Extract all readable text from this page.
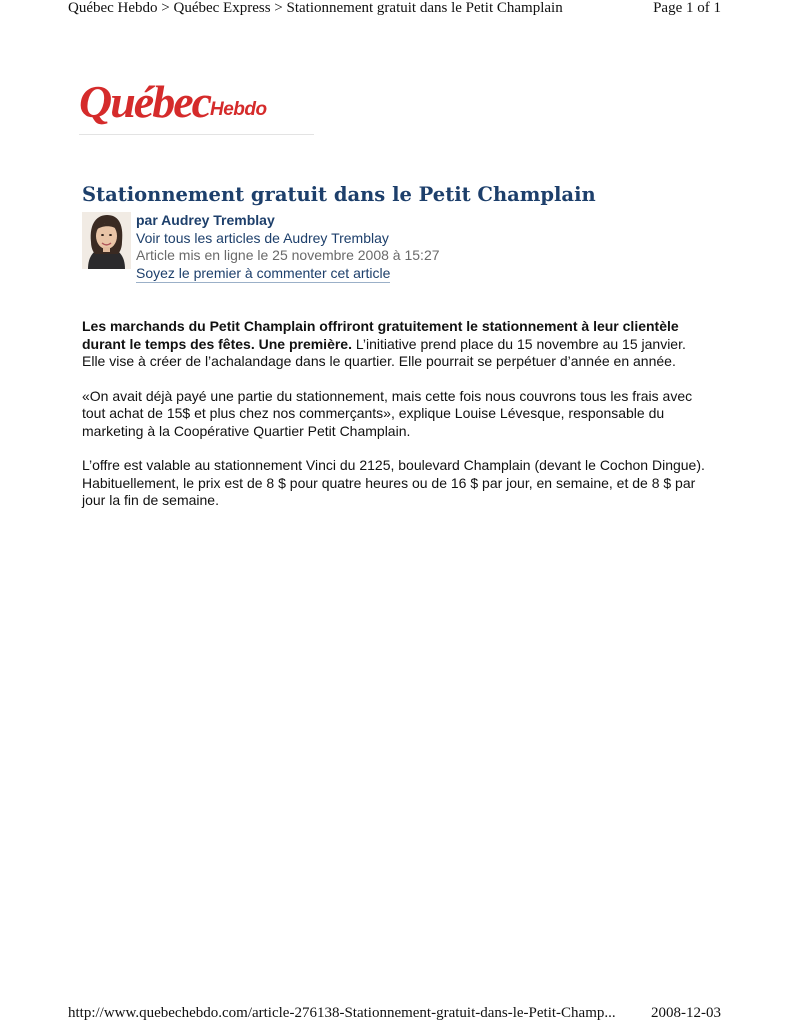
Québec Hebdo > Québec Express > Stationnement gratuit dans le Petit Champlain	Page 1 of 1
Québec Hebdo
Stationnement gratuit dans le Petit Champlain
par Audrey Tremblay
Voir tous les articles de Audrey Tremblay
Article mis en ligne le 25 novembre 2008 à 15:27
Soyez le premier à commenter cet article

Les marchands du Petit Champlain offriront gratuitement le stationnement à leur clientèle durant le temps des fêtes. Une première. L’initiative prend place du 15 novembre au 15 janvier. Elle vise à créer de l’achalandage dans le quartier. Elle pourrait se perpétuer d’année en année.

«On avait déjà payé une partie du stationnement, mais cette fois nous couvrons tous les frais avec tout achat de 15$ et plus chez nos commerçants», explique Louise Lévesque, responsable du marketing à la Coopérative Quartier Petit Champlain.

L’offre est valable au stationnement Vinci du 2125, boulevard Champlain (devant le Cochon Dingue). Habituellement, le prix est de 8 $ pour quatre heures ou de 16 $ par jour, en semaine, et de 8 $ par jour la fin de semaine.

http://www.quebechebdo.com/article-276138-Stationnement-gratuit-dans-le-Petit-Champ... 2008-12-03
